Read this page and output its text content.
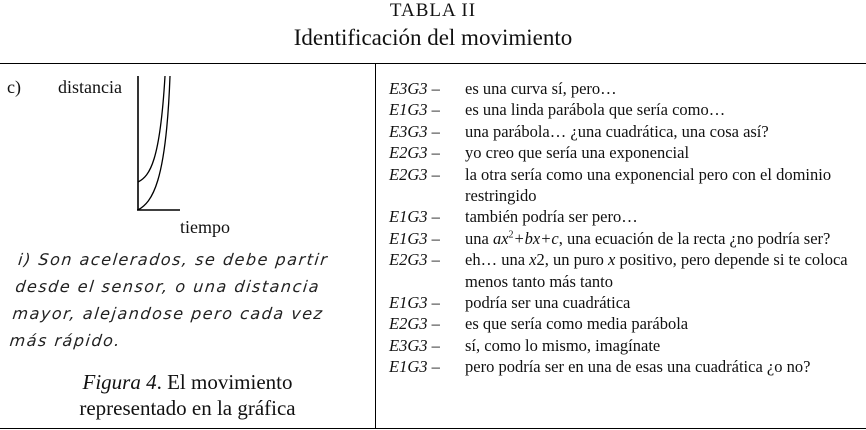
TABLA II
Identificación del movimiento
c) distancia
tiempo
i) Son acelerados, se debe partir
desde el sensor, o una distancia
mayor, alejandose pero cada vez
más rápido.
Figura 4. El movimiento
representado en la gráfica
E3G3 –	es una curva sí, pero…
E1G3 –	es una linda parábola que sería como…
E3G3 –	una parábola… ¿una cuadrática, una cosa así?
E2G3 –	yo creo que sería una exponencial
E2G3 –	la otra sería como una exponencial pero con el dominio restringido
E1G3 –	también podría ser pero…
E1G3 –	una $ax^2+bx+c$, una ecuación de la recta ¿no podría ser?
E2G3 –	eh… una x2, un puro x positivo, pero depende si te coloca menos tanto más tanto
E1G3 –	podría ser una cuadrática
E2G3 –	es que sería como media parábola
E3G3 –	sí, como lo mismo, imagínate
E1G3 –	pero podría ser en una de esas una cuadrática ¿o no?
